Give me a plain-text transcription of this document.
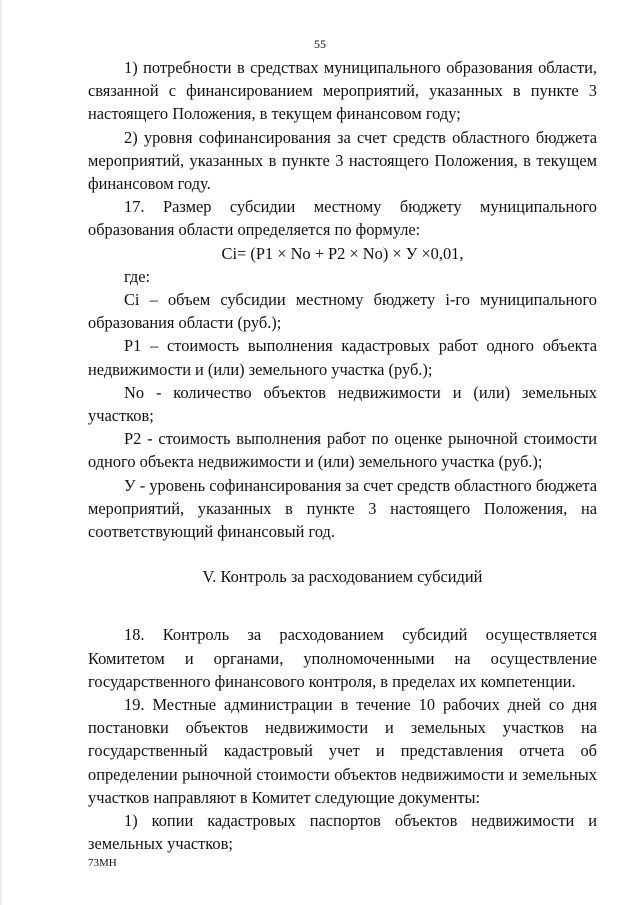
55

1) потребности в средствах муниципального образования области, связанной с финансированием мероприятий, указанных в пункте 3 настоящего Положения, в текущем финансовом году;

2) уровня софинансирования за счет средств областного бюджета мероприятий, указанных в пункте 3 настоящего Положения, в текущем финансовом году.

17. Размер субсидии местному бюджету муниципального образования области определяется по формуле:

Ci= (P1 × No + P2 × No) × У ×0,01,

где:

Ci – объем субсидии местному бюджету i-го муниципального образования области (руб.);

P1 – стоимость выполнения кадастровых работ одного объекта недвижимости и (или) земельного участка (руб.);

No - количество объектов недвижимости и (или) земельных участков;

P2 - стоимость выполнения работ по оценке рыночной стоимости одного объекта недвижимости и (или) земельного участка (руб.);

У - уровень софинансирования за счет средств областного бюджета мероприятий, указанных в пункте 3 настоящего Положения, на соответствующий финансовый год.

V. Контроль за расходованием субсидий

18. Контроль за расходованием субсидий осуществляется Комитетом и органами, уполномоченными на осуществление государственного финансового контроля, в пределах их компетенции.

19. Местные администрации в течение 10 рабочих дней со дня постановки объектов недвижимости и земельных участков на государственный кадастровый учет и представления отчета об определении рыночной стоимости объектов недвижимости и земельных участков направляют в Комитет следующие документы:

1) копии кадастровых паспортов объектов недвижимости и земельных участков;

73МН
